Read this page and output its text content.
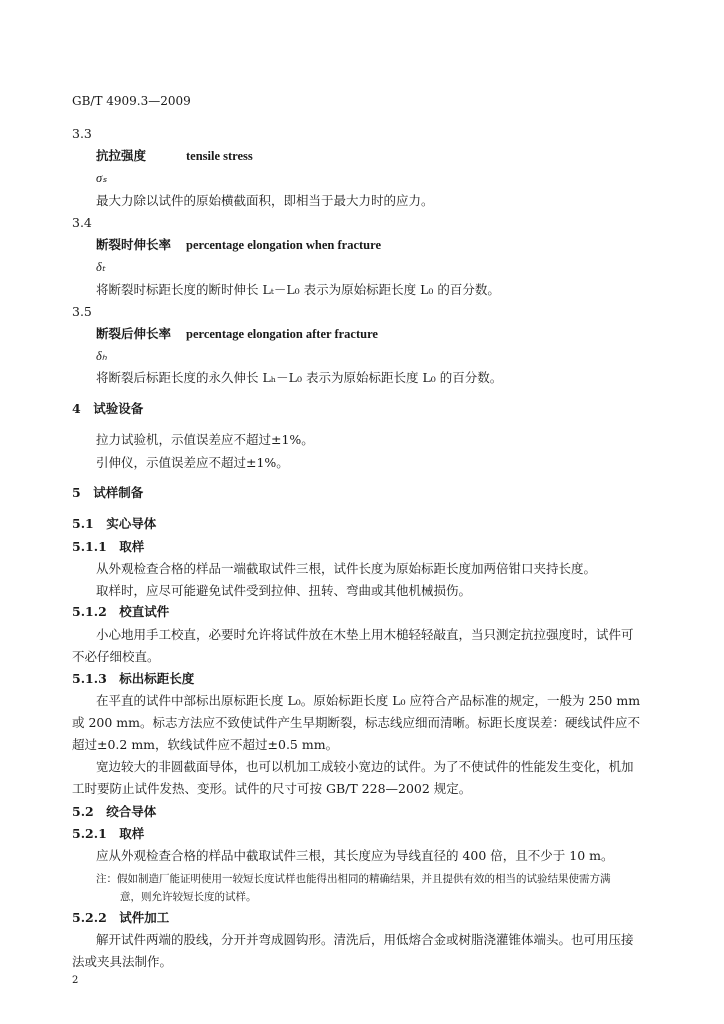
GB/T 4909.3—2009
3.3
抗拉强度	tensile stress
σₛ
最大力除以试件的原始横截面积，即相当于最大力时的应力。
3.4
断裂时伸长率 percentage elongation when fracture
δₜ
将断裂时标距长度的断时伸长 Lₜ－L₀ 表示为原始标距长度 L₀ 的百分数。
3.5
断裂后伸长率 percentage elongation after fracture
δₕ
将断裂后标距长度的永久伸长 Lₕ－L₀ 表示为原始标距长度 L₀ 的百分数。
4　试验设备
拉力试验机，示值误差应不超过±1%。
引伸仪，示值误差应不超过±1%。
5　试样制备
5.1　实心导体
5.1.1　取样
从外观检查合格的样品一端截取试件三根，试件长度为原始标距长度加两倍钳口夹持长度。
取样时，应尽可能避免试件受到拉伸、扭转、弯曲或其他机械损伤。
5.1.2　校直试件
小心地用手工校直，必要时允许将试件放在木垫上用木槌轻轻敲直，当只测定抗拉强度时，试件可
不必仔细校直。
5.1.3　标出标距长度
在平直的试件中部标出原标距长度 L₀。原始标距长度 L₀ 应符合产品标准的规定，一般为 250 mm
或 200 mm。标志方法应不致使试件产生早期断裂，标志线应细而清晰。标距长度误差：硬线试件应不
超过±0.2 mm，软线试件应不超过±0.5 mm。
宽边较大的非圆截面导体，也可以机加工成较小宽边的试件。为了不使试件的性能发生变化，机加
工时要防止试件发热、变形。试件的尺寸可按 GB/T 228—2002 规定。
5.2　绞合导体
5.2.1　取样
应从外观检查合格的样品中截取试件三根，其长度应为导线直径的 400 倍，且不少于 10 m。
注：假如制造厂能证明使用一较短长度试样也能得出相同的精确结果，并且提供有效的相当的试验结果使需方满
意，则允许较短长度的试样。
5.2.2　试件加工
解开试件两端的股线，分开并弯成圆钩形。清洗后，用低熔合金或树脂浇灌锥体端头。也可用压接
法或夹具法制作。
2
